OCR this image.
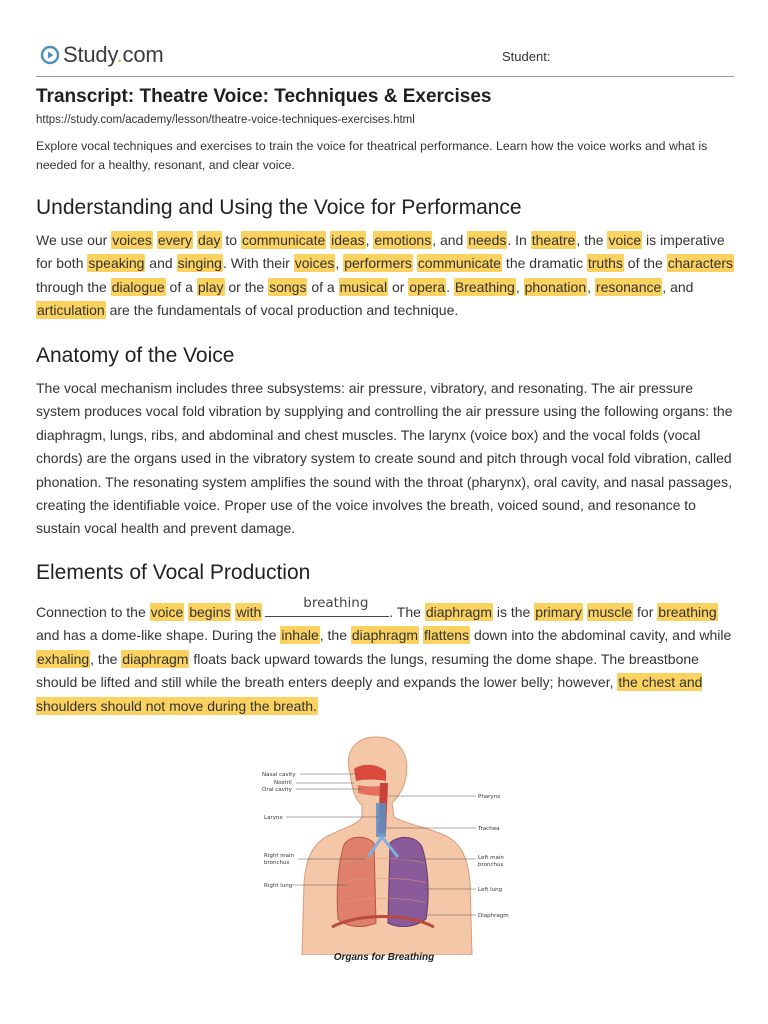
Study.com	Student:
Transcript: Theatre Voice: Techniques & Exercises
https://study.com/academy/lesson/theatre-voice-techniques-exercises.html
Explore vocal techniques and exercises to train the voice for theatrical performance. Learn how the voice works and what is needed for a healthy, resonant, and clear voice.
Understanding and Using the Voice for Performance

We use our voices every day to communicate ideas, emotions, and needs. In theatre, the voice is imperative for both speaking and singing. With their voices, performers communicate the dramatic truths of the characters through the dialogue of a play or the songs of a musical or opera. Breathing, phonation, resonance, and articulation are the fundamentals of vocal production and technique.

Anatomy of the Voice

The vocal mechanism includes three subsystems: air pressure, vibratory, and resonating. The air pressure system produces vocal fold vibration by supplying and controlling the air pressure using the following organs: the diaphragm, lungs, ribs, and abdominal and chest muscles. The larynx (voice box) and the vocal folds (vocal chords) are the organs used in the vibratory system to create sound and pitch through vocal fold vibration, called phonation. The resonating system amplifies the sound with the throat (pharynx), oral cavity, and nasal passages, creating the identifiable voice. Proper use of the voice involves the breath, voiced sound, and resonance to sustain vocal health and prevent damage.

Elements of Vocal Production

Connection to the voice begins with
breathing
. The diaphragm is the primary muscle for breathing and has a dome-like shape. During the inhale, the diaphragm flattens down into the abdominal cavity, and while exhaling, the diaphragm floats back upward towards the lungs, resuming the dome shape. The breastbone should be lifted and still while the breath enters deeply and expands the lower belly; however, the chest and shoulders should not move during the breath.

Nasal cavity
Nostril
Oral cavity
Larynx
Right main
bronchus
Right lung
Pharynx
Trachea
Left main
bronchus
Left lung
Diaphragm
Organs for Breathing
